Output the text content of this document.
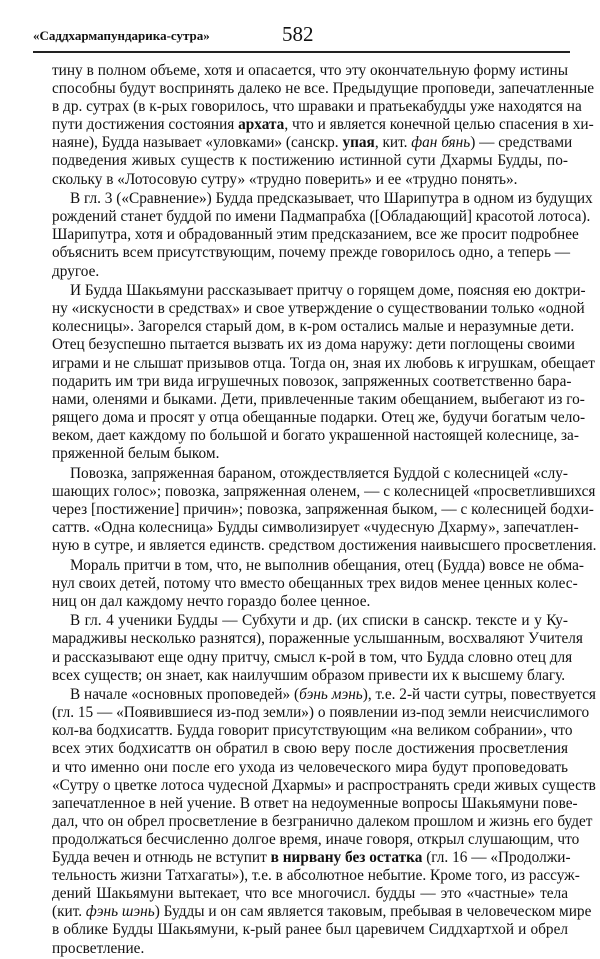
«Саддхармапундарика-сутра»	582
тину в полном объеме, хотя и опасается, что эту окончательную форму истины
способны будут воспринять далеко не все. Предыдущие проповеди, запечатленные
в др. сутрах (в к-рых говорилось, что шраваки и пратьекабудды уже находятся на
пути достижения состояния архата, что и является конечной целью спасения в хи-
наяне), Будда называет «уловками» (санскр. упая, кит. фан бянь) — средствами
подведения живых существ к постижению истинной сути Дхармы Будды, по-
скольку в «Лотосовую сутру» «трудно поверить» и ее «трудно понять».
В гл. 3 («Сравнение») Будда предсказывает, что Шарипутра в одном из будущих
рождений станет буддой по имени Падмапрабха ([Обладающий] красотой лотоса).
Шарипутра, хотя и обрадованный этим предсказанием, все же просит подробнее
объяснить всем присутствующим, почему прежде говорилось одно, а теперь —
другое.
И Будда Шакьямуни рассказывает притчу о горящем доме, поясняя ею доктри-
ну «искусности в средствах» и свое утверждение о существовании только «одной
колесницы». Загорелся старый дом, в к-ром остались малые и неразумные дети.
Отец безуспешно пытается вызвать их из дома наружу: дети поглощены своими
играми и не слышат призывов отца. Тогда он, зная их любовь к игрушкам, обещает
подарить им три вида игрушечных повозок, запряженных соответственно бара-
нами, оленями и быками. Дети, привлеченные таким обещанием, выбегают из го-
рящего дома и просят у отца обещанные подарки. Отец же, будучи богатым чело-
веком, дает каждому по большой и богато украшенной настоящей колеснице, за-
пряженной белым быком.
Повозка, запряженная бараном, отождествляется Буддой с колесницей «слу-
шающих голос»; повозка, запряженная оленем, — с колесницей «просветлившихся
через [постижение] причин»; повозка, запряженная быком, — с колесницей бодхи-
саттв. «Одна колесница» Будды символизирует «чудесную Дхарму», запечатлен-
ную в сутре, и является единств. средством достижения наивысшего просветления.
Мораль притчи в том, что, не выполнив обещания, отец (Будда) вовсе не обма-
нул своих детей, потому что вместо обещанных трех видов менее ценных колес-
ниц он дал каждому нечто гораздо более ценное.
В гл. 4 ученики Будды — Субхути и др. (их списки в санскр. тексте и у Ку-
марадживы несколько разнятся), пораженные услышанным, восхваляют Учителя
и рассказывают еще одну притчу, смысл к-рой в том, что Будда словно отец для
всех существ; он знает, как наилучшим образом привести их к высшему благу.
В начале «основных проповедей» (бэнь мэнь), т.е. 2-й части сутры, повествуется
(гл. 15 — «Появившиеся из-под земли») о появлении из-под земли неисчислимого
кол-ва бодхисаттв. Будда говорит присутствующим «на великом собрании», что
всех этих бодхисаттв он обратил в свою веру после достижения просветления
и что именно они после его ухода из человеческого мира будут проповедовать
«Сутру о цветке лотоса чудесной Дхармы» и распространять среди живых существ
запечатленное в ней учение. В ответ на недоуменные вопросы Шакьямуни пове-
дал, что он обрел просветление в безгранично далеком прошлом и жизнь его будет
продолжаться бесчисленно долгое время, иначе говоря, открыл слушающим, что
Будда вечен и отнюдь не вступит в нирвану без остатка (гл. 16 — «Продолжи-
тельность жизни Татхагаты»), т.е. в абсолютное небытие. Кроме того, из рассуж-
дений Шакьямуни вытекает, что все многочисл. будды — это «частные» тела
(кит. фэнь шэнь) Будды и он сам является таковым, пребывая в человеческом мире
в облике Будды Шакьямуни, к-рый ранее был царевичем Сиддхартхой и обрел
просветление.
